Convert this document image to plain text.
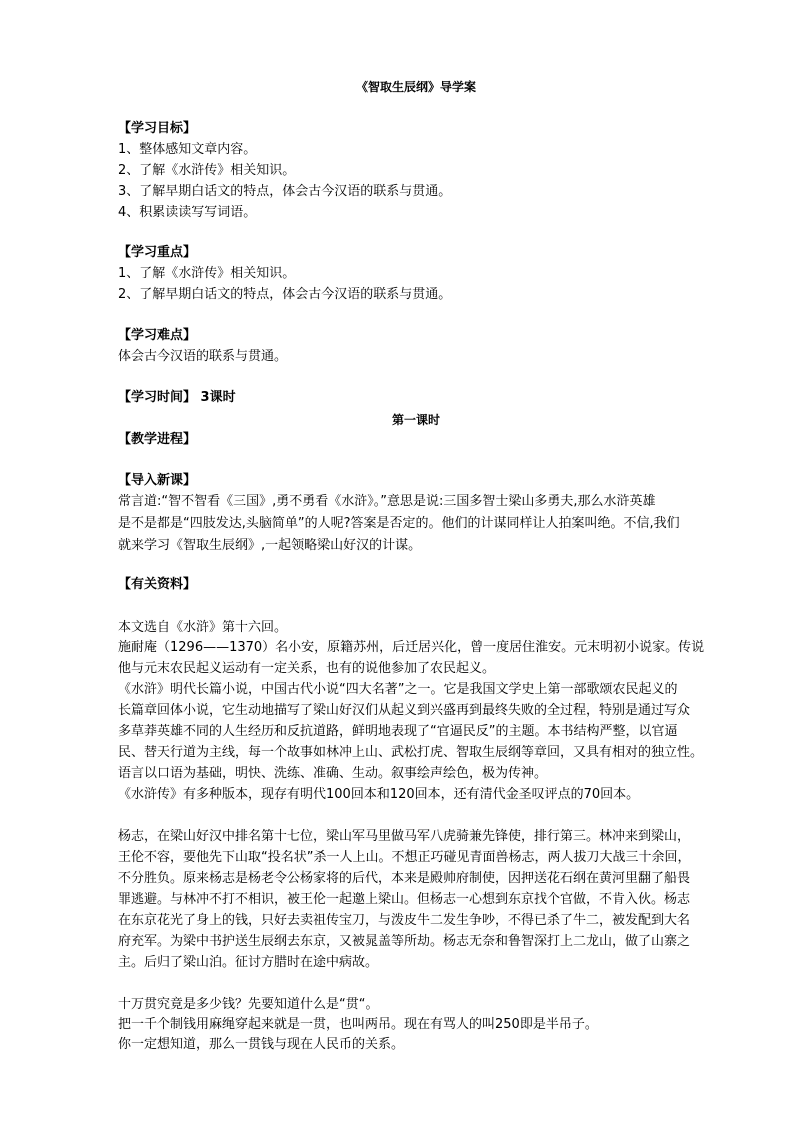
《智取生辰纲》导学案
【学习目标】
1、整体感知文章内容。
2、了解《水浒传》相关知识。
3、了解早期白话文的特点，体会古今汉语的联系与贯通。
4、积累读读写写词语。
【学习重点】
1、了解《水浒传》相关知识。
2、了解早期白话文的特点，体会古今汉语的联系与贯通。
【学习难点】
体会古今汉语的联系与贯通。
【学习时间】 3课时
第一课时
【教学进程】
【导入新课】
常言道:“智不智看《三国》,勇不勇看《水浒》。”意思是说:三国多智士梁山多勇夫,那么水浒英雄
是不是都是“四肢发达,头脑简单”的人呢?答案是否定的。他们的计谋同样让人拍案叫绝。不信,我们
就来学习《智取生辰纲》,一起领略梁山好汉的计谋。
【有关资料】
本文选自《水浒》第十六回。
施耐庵（1296——1370）名小安，原籍苏州，后迁居兴化，曾一度居住淮安。元末明初小说家。传说
他与元末农民起义运动有一定关系，也有的说他参加了农民起义。
《水浒》明代长篇小说，中国古代小说“四大名著”之一。它是我国文学史上第一部歌颂农民起义的
长篇章回体小说，它生动地描写了梁山好汉们从起义到兴盛再到最终失败的全过程，特别是通过写众
多草莽英雄不同的人生经历和反抗道路，鲜明地表现了“官逼民反”的主题。本书结构严整，以官逼
民、替天行道为主线，每一个故事如林冲上山、武松打虎、智取生辰纲等章回，又具有相对的独立性。
语言以口语为基础，明快、洗练、准确、生动。叙事绘声绘色，极为传神。
《水浒传》有多种版本，现存有明代100回本和120回本，还有清代金圣叹评点的70回本。
杨志，在梁山好汉中排名第十七位，梁山军马里做马军八虎骑兼先锋使，排行第三。林冲来到梁山，
王伦不容，要他先下山取“投名状”杀一人上山。不想正巧碰见青面兽杨志，两人拔刀大战三十余回，
不分胜负。原来杨志是杨老令公杨家将的后代，本来是殿帅府制使，因押送花石纲在黄河里翻了船畏
罪逃避。与林冲不打不相识，被王伦一起邀上梁山。但杨志一心想到东京找个官做，不肯入伙。杨志
在东京花光了身上的钱，只好去卖祖传宝刀，与泼皮牛二发生争吵，不得已杀了牛二，被发配到大名
府充军。为梁中书护送生辰纲去东京，又被晁盖等所劫。杨志无奈和鲁智深打上二龙山，做了山寨之
主。后归了梁山泊。征讨方腊时在途中病故。
十万贯究竟是多少钱？先要知道什么是“贯“。
把一千个制钱用麻绳穿起来就是一贯，也叫两吊。现在有骂人的叫250即是半吊子。
你一定想知道，那么一贯钱与现在人民币的关系。
